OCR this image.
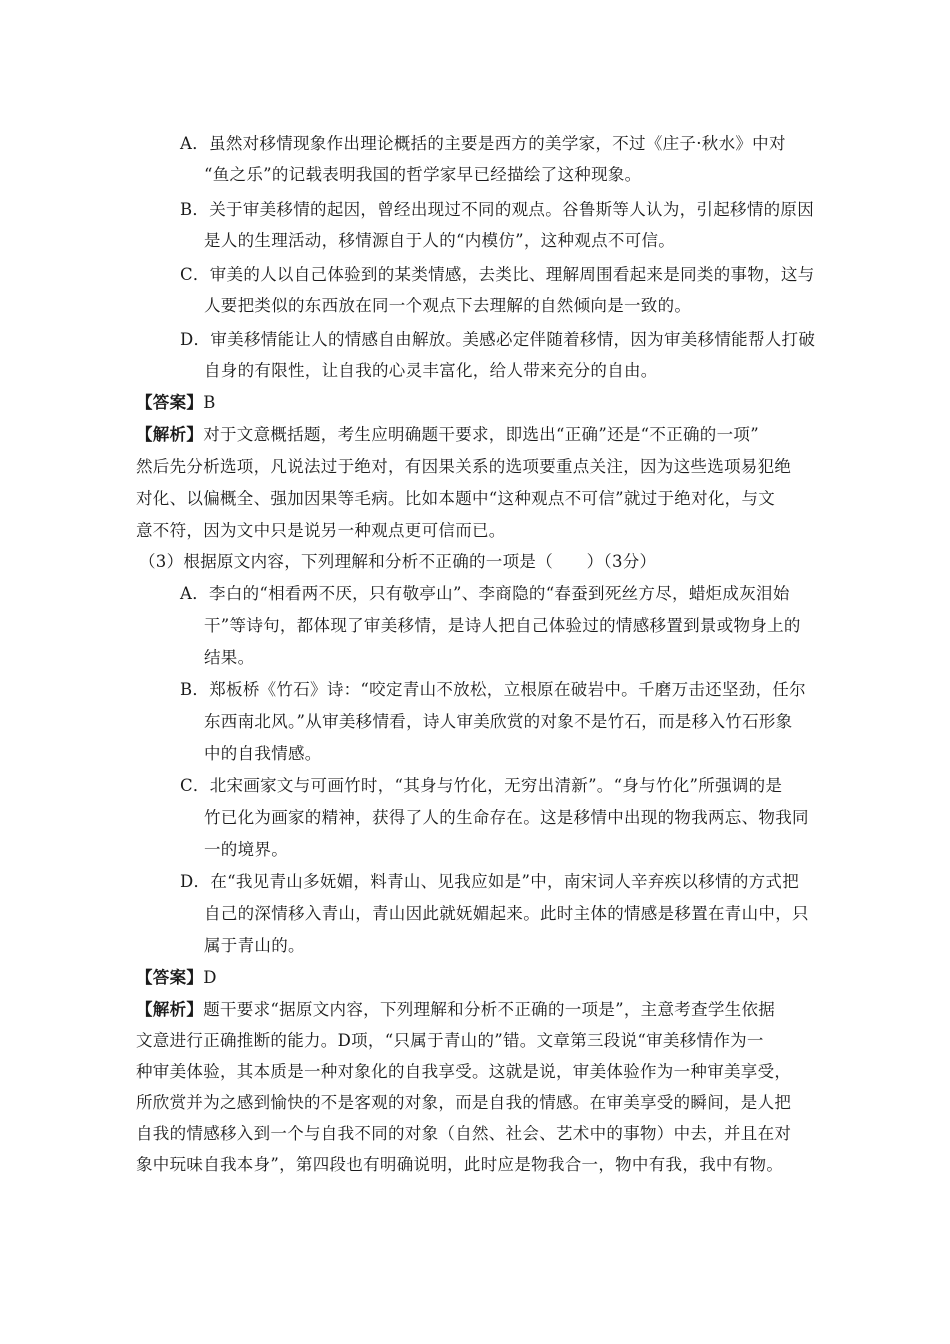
A．虽然对移情现象作出理论概括的主要是西方的美学家，不过《庄子·秋水》中对
“鱼之乐”的记载表明我国的哲学家早已经描绘了这种现象。
B．关于审美移情的起因，曾经出现过不同的观点。谷鲁斯等人认为，引起移情的原因
是人的生理活动，移情源自于人的“内模仿”，这种观点不可信。
C．审美的人以自己体验到的某类情感，去类比、理解周围看起来是同类的事物，这与
人要把类似的东西放在同一个观点下去理解的自然倾向是一致的。
D．审美移情能让人的情感自由解放。美感必定伴随着移情，因为审美移情能帮人打破
自身的有限性，让自我的心灵丰富化，给人带来充分的自由。
【答案】B
【解析】对于文意概括题，考生应明确题干要求，即选出“正确”还是“不正确的一项”
然后先分析选项，凡说法过于绝对，有因果关系的选项要重点关注，因为这些选项易犯绝
对化、以偏概全、强加因果等毛病。比如本题中“这种观点不可信”就过于绝对化，与文
意不符，因为文中只是说另一种观点更可信而已。
（3）根据原文内容，下列理解和分析不正确的一项是（　　）（3分）
A．李白的“相看两不厌，只有敬亭山”、李商隐的“春蚕到死丝方尽，蜡炬成灰泪始
干”等诗句，都体现了审美移情，是诗人把自己体验过的情感移置到景或物身上的
结果。
B．郑板桥《竹石》诗：“咬定青山不放松，立根原在破岩中。千磨万击还坚劲，任尔
东西南北风。”从审美移情看，诗人审美欣赏的对象不是竹石，而是移入竹石形象
中的自我情感。
C．北宋画家文与可画竹时，“其身与竹化，无穷出清新”。“身与竹化”所强调的是
竹已化为画家的精神，获得了人的生命存在。这是移情中出现的物我两忘、物我同
一的境界。
D．在“我见青山多妩媚，料青山、见我应如是”中，南宋词人辛弃疾以移情的方式把
自己的深情移入青山，青山因此就妩媚起来。此时主体的情感是移置在青山中，只
属于青山的。
【答案】D
【解析】题干要求“据原文内容，下列理解和分析不正确的一项是”，主意考查学生依据
文意进行正确推断的能力。D项，“只属于青山的”错。文章第三段说“审美移情作为一
种审美体验，其本质是一种对象化的自我享受。这就是说，审美体验作为一种审美享受，
所欣赏并为之感到愉快的不是客观的对象，而是自我的情感。在审美享受的瞬间，是人把
自我的情感移入到一个与自我不同的对象（自然、社会、艺术中的事物）中去，并且在对
象中玩味自我本身”，第四段也有明确说明，此时应是物我合一，物中有我，我中有物。
